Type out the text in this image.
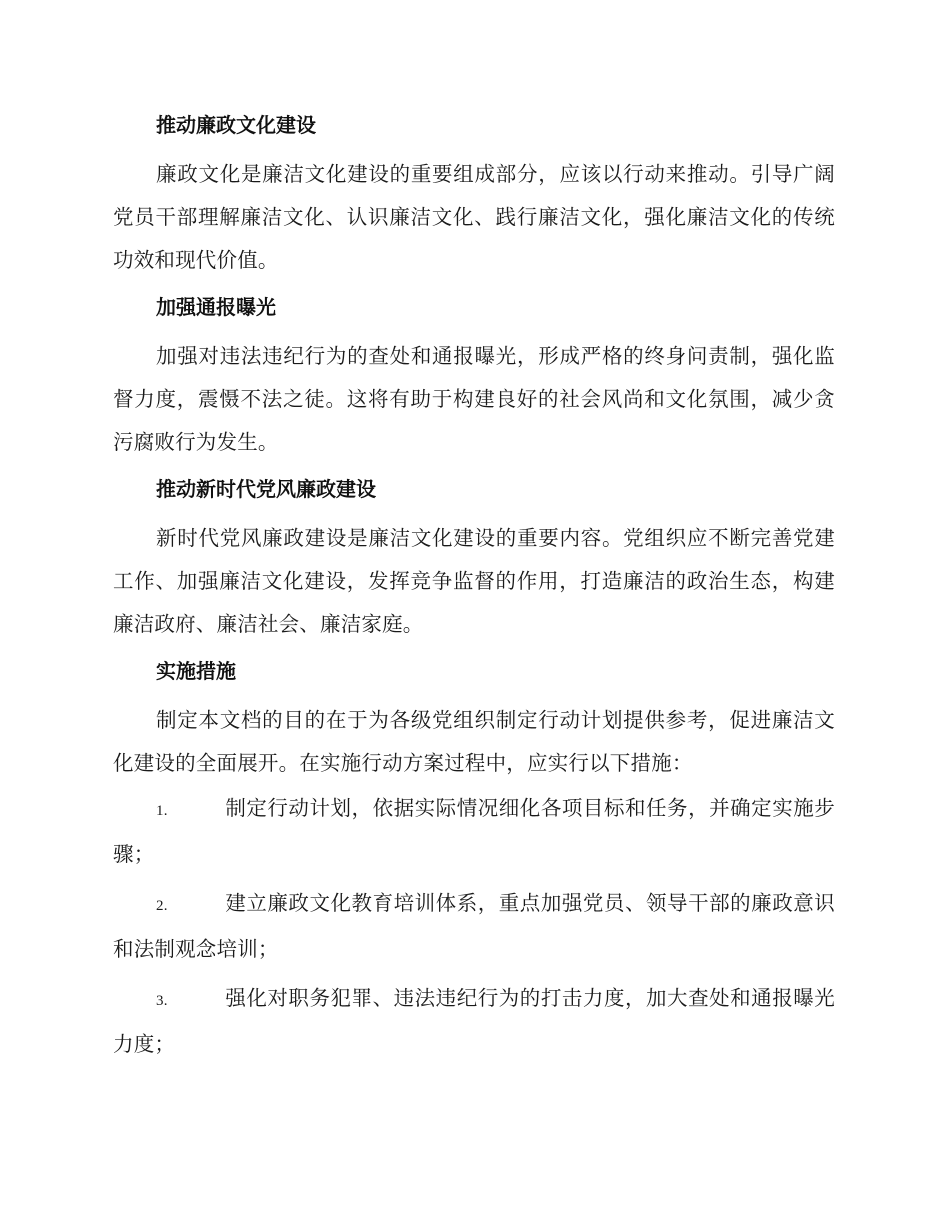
推动廉政文化建设

廉政文化是廉洁文化建设的重要组成部分，应该以行动来推动。引导广阔党员干部理解廉洁文化、认识廉洁文化、践行廉洁文化，强化廉洁文化的传统功效和现代价值。

加强通报曝光

加强对违法违纪行为的查处和通报曝光，形成严格的终身问责制，强化监督力度，震慑不法之徒。这将有助于构建良好的社会风尚和文化氛围，减少贪污腐败行为发生。

推动新时代党风廉政建设

新时代党风廉政建设是廉洁文化建设的重要内容。党组织应不断完善党建工作、加强廉洁文化建设，发挥竞争监督的作用，打造廉洁的政治生态，构建廉洁政府、廉洁社会、廉洁家庭。

实施措施

制定本文档的目的在于为各级党组织制定行动计划提供参考，促进廉洁文化建设的全面展开。在实施行动方案过程中，应实行以下措施：

1.	制定行动计划，依据实际情况细化各项目标和任务，并确定实施步骤；

2.	建立廉政文化教育培训体系，重点加强党员、领导干部的廉政意识和法制观念培训；

3.	强化对职务犯罪、违法违纪行为的打击力度，加大查处和通报曝光力度；
